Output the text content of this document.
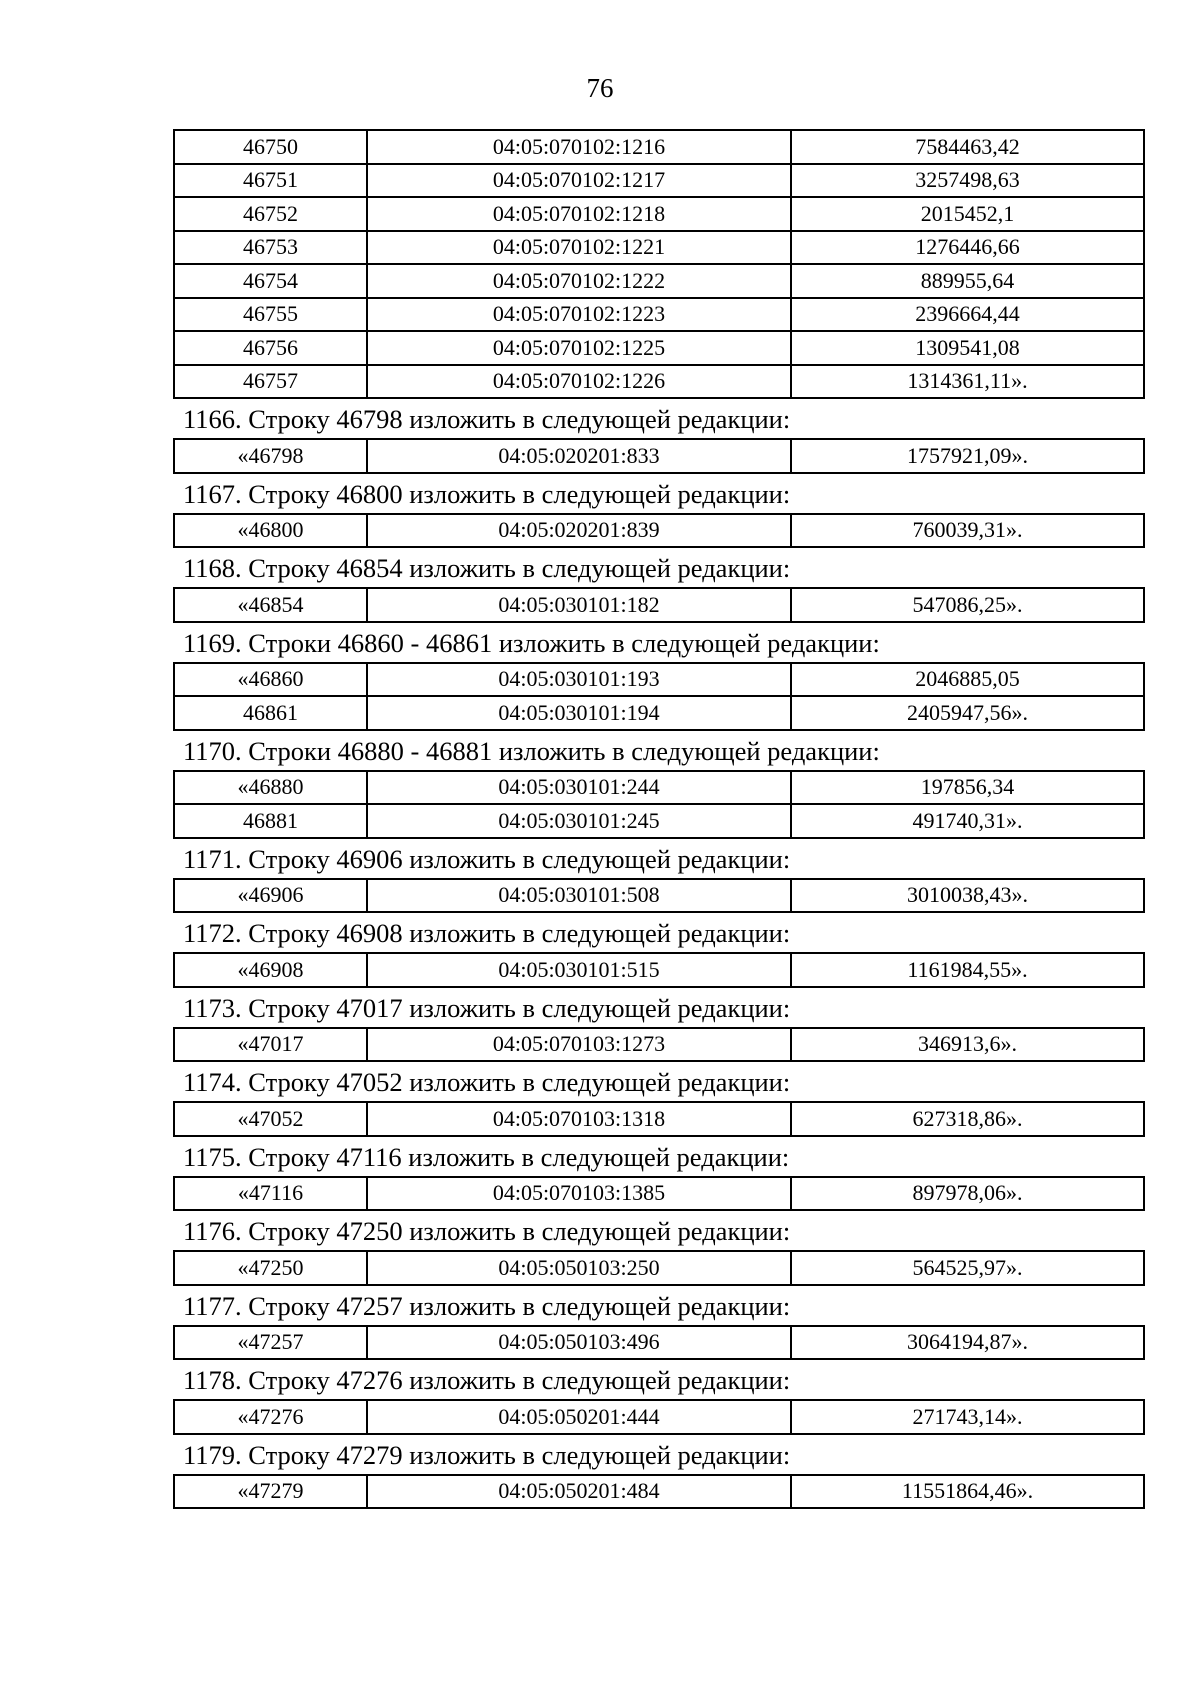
76
46750	04:05:070102:1216	7584463,42
46751	04:05:070102:1217	3257498,63
46752	04:05:070102:1218	2015452,1
46753	04:05:070102:1221	1276446,66
46754	04:05:070102:1222	889955,64
46755	04:05:070102:1223	2396664,44
46756	04:05:070102:1225	1309541,08
46757	04:05:070102:1226	1314361,11».
1166. Строку 46798 изложить в следующей редакции:
«46798	04:05:020201:833	1757921,09».
1167. Строку 46800 изложить в следующей редакции:
«46800	04:05:020201:839	760039,31».
1168. Строку 46854 изложить в следующей редакции:
«46854	04:05:030101:182	547086,25».
1169. Строки 46860 - 46861 изложить в следующей редакции:
«46860	04:05:030101:193	2046885,05
46861	04:05:030101:194	2405947,56».
1170. Строки 46880 - 46881 изложить в следующей редакции:
«46880	04:05:030101:244	197856,34
46881	04:05:030101:245	491740,31».
1171. Строку 46906 изложить в следующей редакции:
«46906	04:05:030101:508	3010038,43».
1172. Строку 46908 изложить в следующей редакции:
«46908	04:05:030101:515	1161984,55».
1173. Строку 47017 изложить в следующей редакции:
«47017	04:05:070103:1273	346913,6».
1174. Строку 47052 изложить в следующей редакции:
«47052	04:05:070103:1318	627318,86».
1175. Строку 47116 изложить в следующей редакции:
«47116	04:05:070103:1385	897978,06».
1176. Строку 47250 изложить в следующей редакции:
«47250	04:05:050103:250	564525,97».
1177. Строку 47257 изложить в следующей редакции:
«47257	04:05:050103:496	3064194,87».
1178. Строку 47276 изложить в следующей редакции:
«47276	04:05:050201:444	271743,14».
1179. Строку 47279 изложить в следующей редакции:
«47279	04:05:050201:484	11551864,46».
